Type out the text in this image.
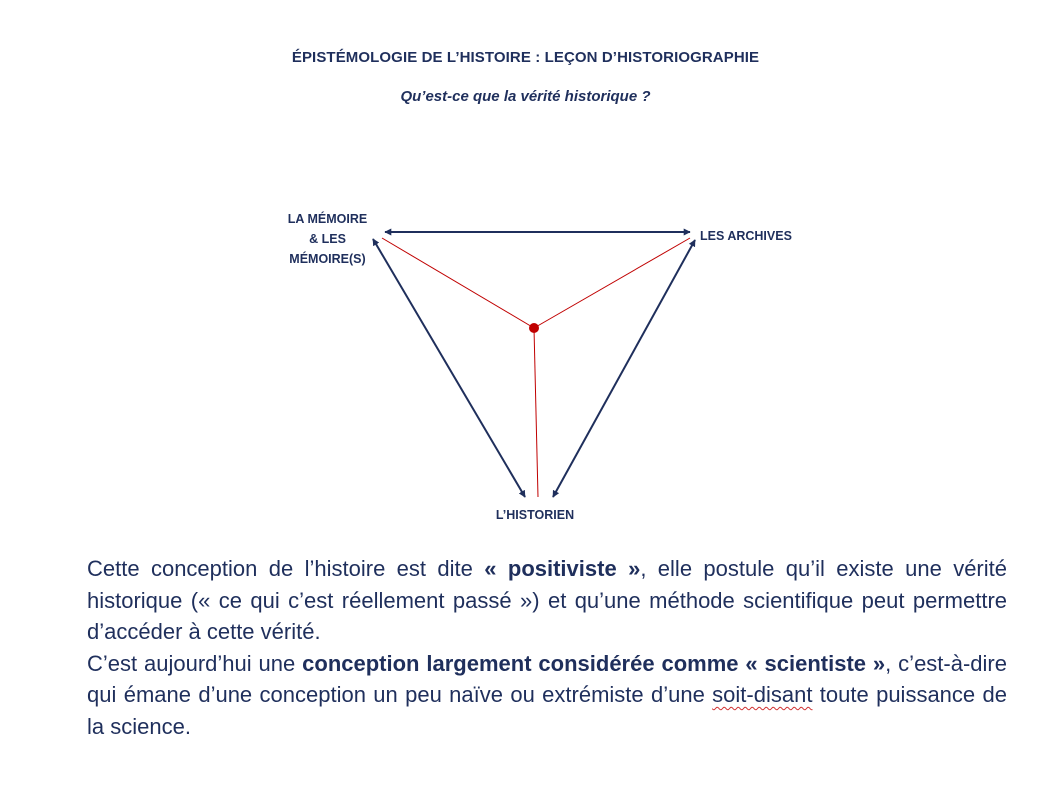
ÉPISTÉMOLOGIE DE L’HISTOIRE : LEÇON D’HISTORIOGRAPHIE
Qu’est-ce que la vérité historique ?
LA MÉMOIRE
& LES
MÉMOIRE(S)
LES ARCHIVES
L’HISTORIEN

Cette conception de l’histoire est dite « positiviste », elle postule qu’il existe une vérité historique (« ce qui c’est réellement passé ») et qu’une méthode scientifique peut permettre d’accéder à cette vérité.

C’est aujourd’hui une conception largement considérée comme « scientiste », c’est-à-dire qui émane d’une conception un peu naïve ou extrémiste d’une soit-disant toute puissance de la science.
